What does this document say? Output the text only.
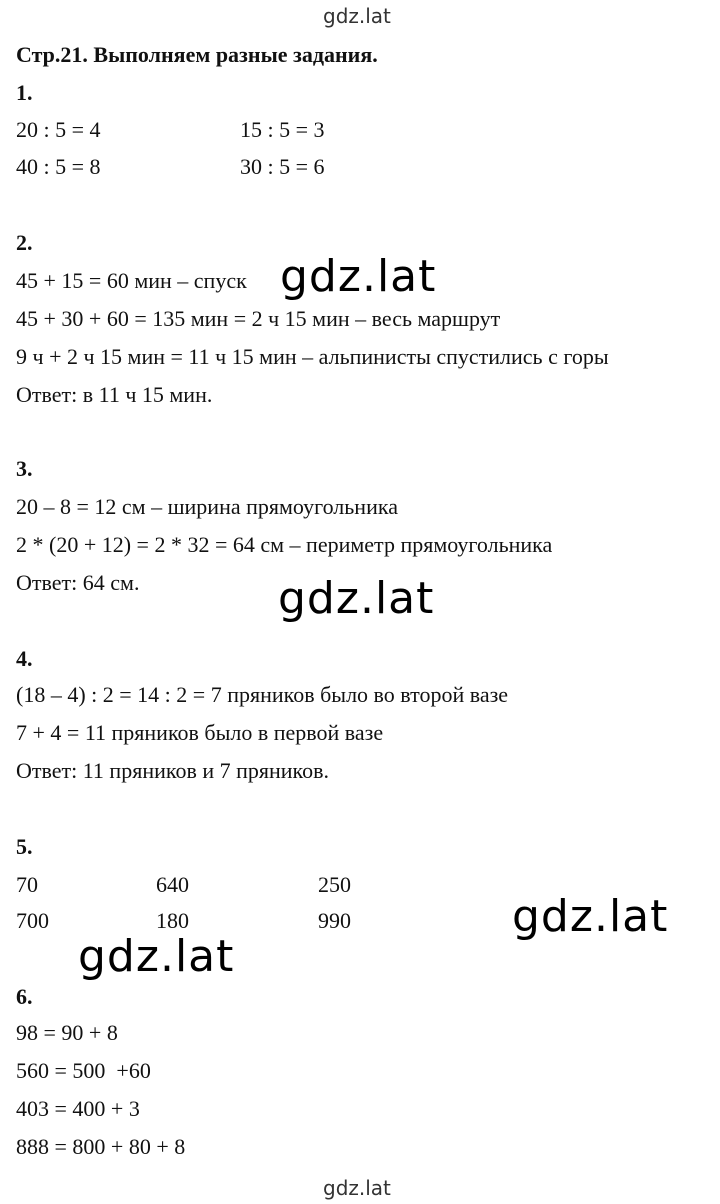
gdz.lat
Стр.21. Выполняем разные задания.
1.
20 : 5 = 4	15 : 5 = 3
40 : 5 = 8	30 : 5 = 6
2.
45 + 15 = 60 мин – спуск
45 + 30 + 60 = 135 мин = 2 ч 15 мин – весь маршрут
9 ч + 2 ч 15 мин = 11 ч 15 мин – альпинисты спустились с горы
Ответ: в 11 ч 15 мин.
3.
20 – 8 = 12 см – ширина прямоугольника
2 * (20 + 12) = 2 * 32 = 64 см – периметр прямоугольника
Ответ: 64 см.
4.
(18 – 4) : 2 = 14 : 2 = 7 пряников было во второй вазе
7 + 4 = 11 пряников было в первой вазе
Ответ: 11 пряников и 7 пряников.
5.
70	640	250
700	180	990
6.
98 = 90 + 8
560 = 500  +60
403 = 400 + 3
888 = 800 + 80 + 8
gdz.lat
gdz.lat
gdz.lat
gdz.lat
gdz.lat
